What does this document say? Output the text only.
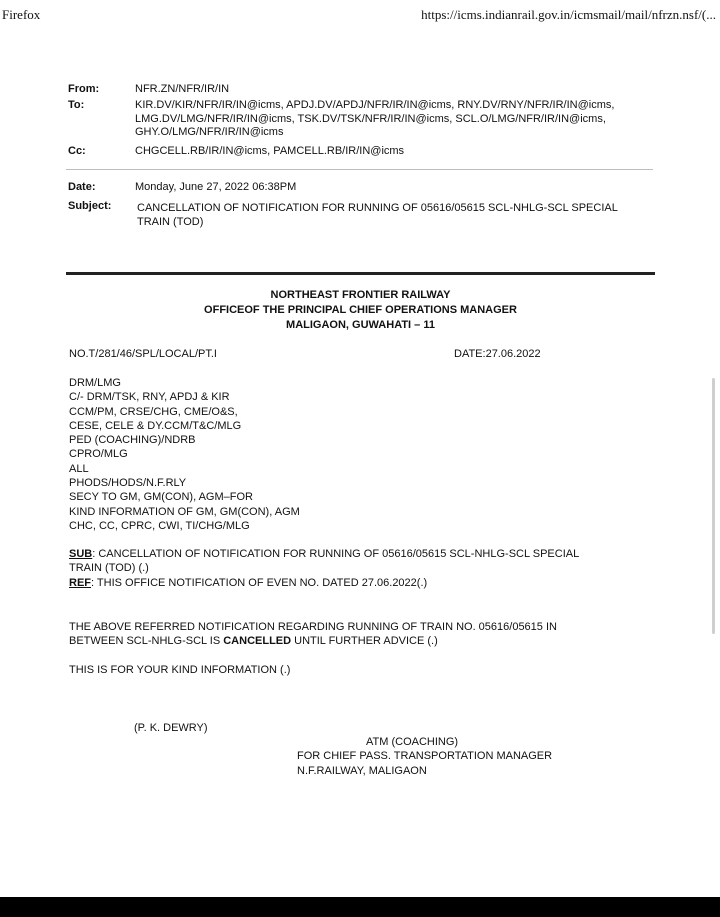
Firefox	https://icms.indianrail.gov.in/icmsmail/mail/nfrzn.nsf/(...
From:	NFR.ZN/NFR/IR/IN
To:	KIR.DV/KIR/NFR/IR/IN@icms, APDJ.DV/APDJ/NFR/IR/IN@icms, RNY.DV/RNY/NFR/IR/IN@icms,
LMG.DV/LMG/NFR/IR/IN@icms, TSK.DV/TSK/NFR/IR/IN@icms, SCL.O/LMG/NFR/IR/IN@icms,
GHY.O/LMG/NFR/IR/IN@icms
Cc:	CHGCELL.RB/IR/IN@icms, PAMCELL.RB/IR/IN@icms
Date:	Monday, June 27, 2022 06:38PM
Subject: CANCELLATION OF NOTIFICATION FOR RUNNING OF 05616/05615 SCL-NHLG-SCL SPECIAL
TRAIN (TOD)
NORTHEAST FRONTIER RAILWAY
OFFICEOF THE PRINCIPAL CHIEF OPERATIONS MANAGER
MALIGAON, GUWAHATI – 11
NO.T/281/46/SPL/LOCAL/PT.I	DATE:27.06.2022
DRM/LMG
C/- DRM/TSK, RNY, APDJ & KIR
CCM/PM, CRSE/CHG, CME/O&S,
CESE, CELE & DY.CCM/T&C/MLG
PED (COACHING)/NDRB
CPRO/MLG
ALL
PHODS/HODS/N.F.RLY
SECY TO GM, GM(CON), AGM–FOR
KIND INFORMATION OF GM, GM(CON), AGM
CHC, CC, CPRC, CWI, TI/CHG/MLG
SUB: CANCELLATION OF NOTIFICATION FOR RUNNING OF 05616/05615 SCL-NHLG-SCL SPECIAL
TRAIN (TOD) (.)
REF: THIS OFFICE NOTIFICATION OF EVEN NO. DATED 27.06.2022(.)
THE ABOVE REFERRED NOTIFICATION REGARDING RUNNING OF TRAIN NO. 05616/05615 IN
BETWEEN SCL-NHLG-SCL IS CANCELLED UNTIL FURTHER ADVICE (.)
THIS IS FOR YOUR KIND INFORMATION (.)
(P. K. DEWRY)
ATM (COACHING)
FOR CHIEF PASS. TRANSPORTATION MANAGER
N.F.RAILWAY, MALIGAON
